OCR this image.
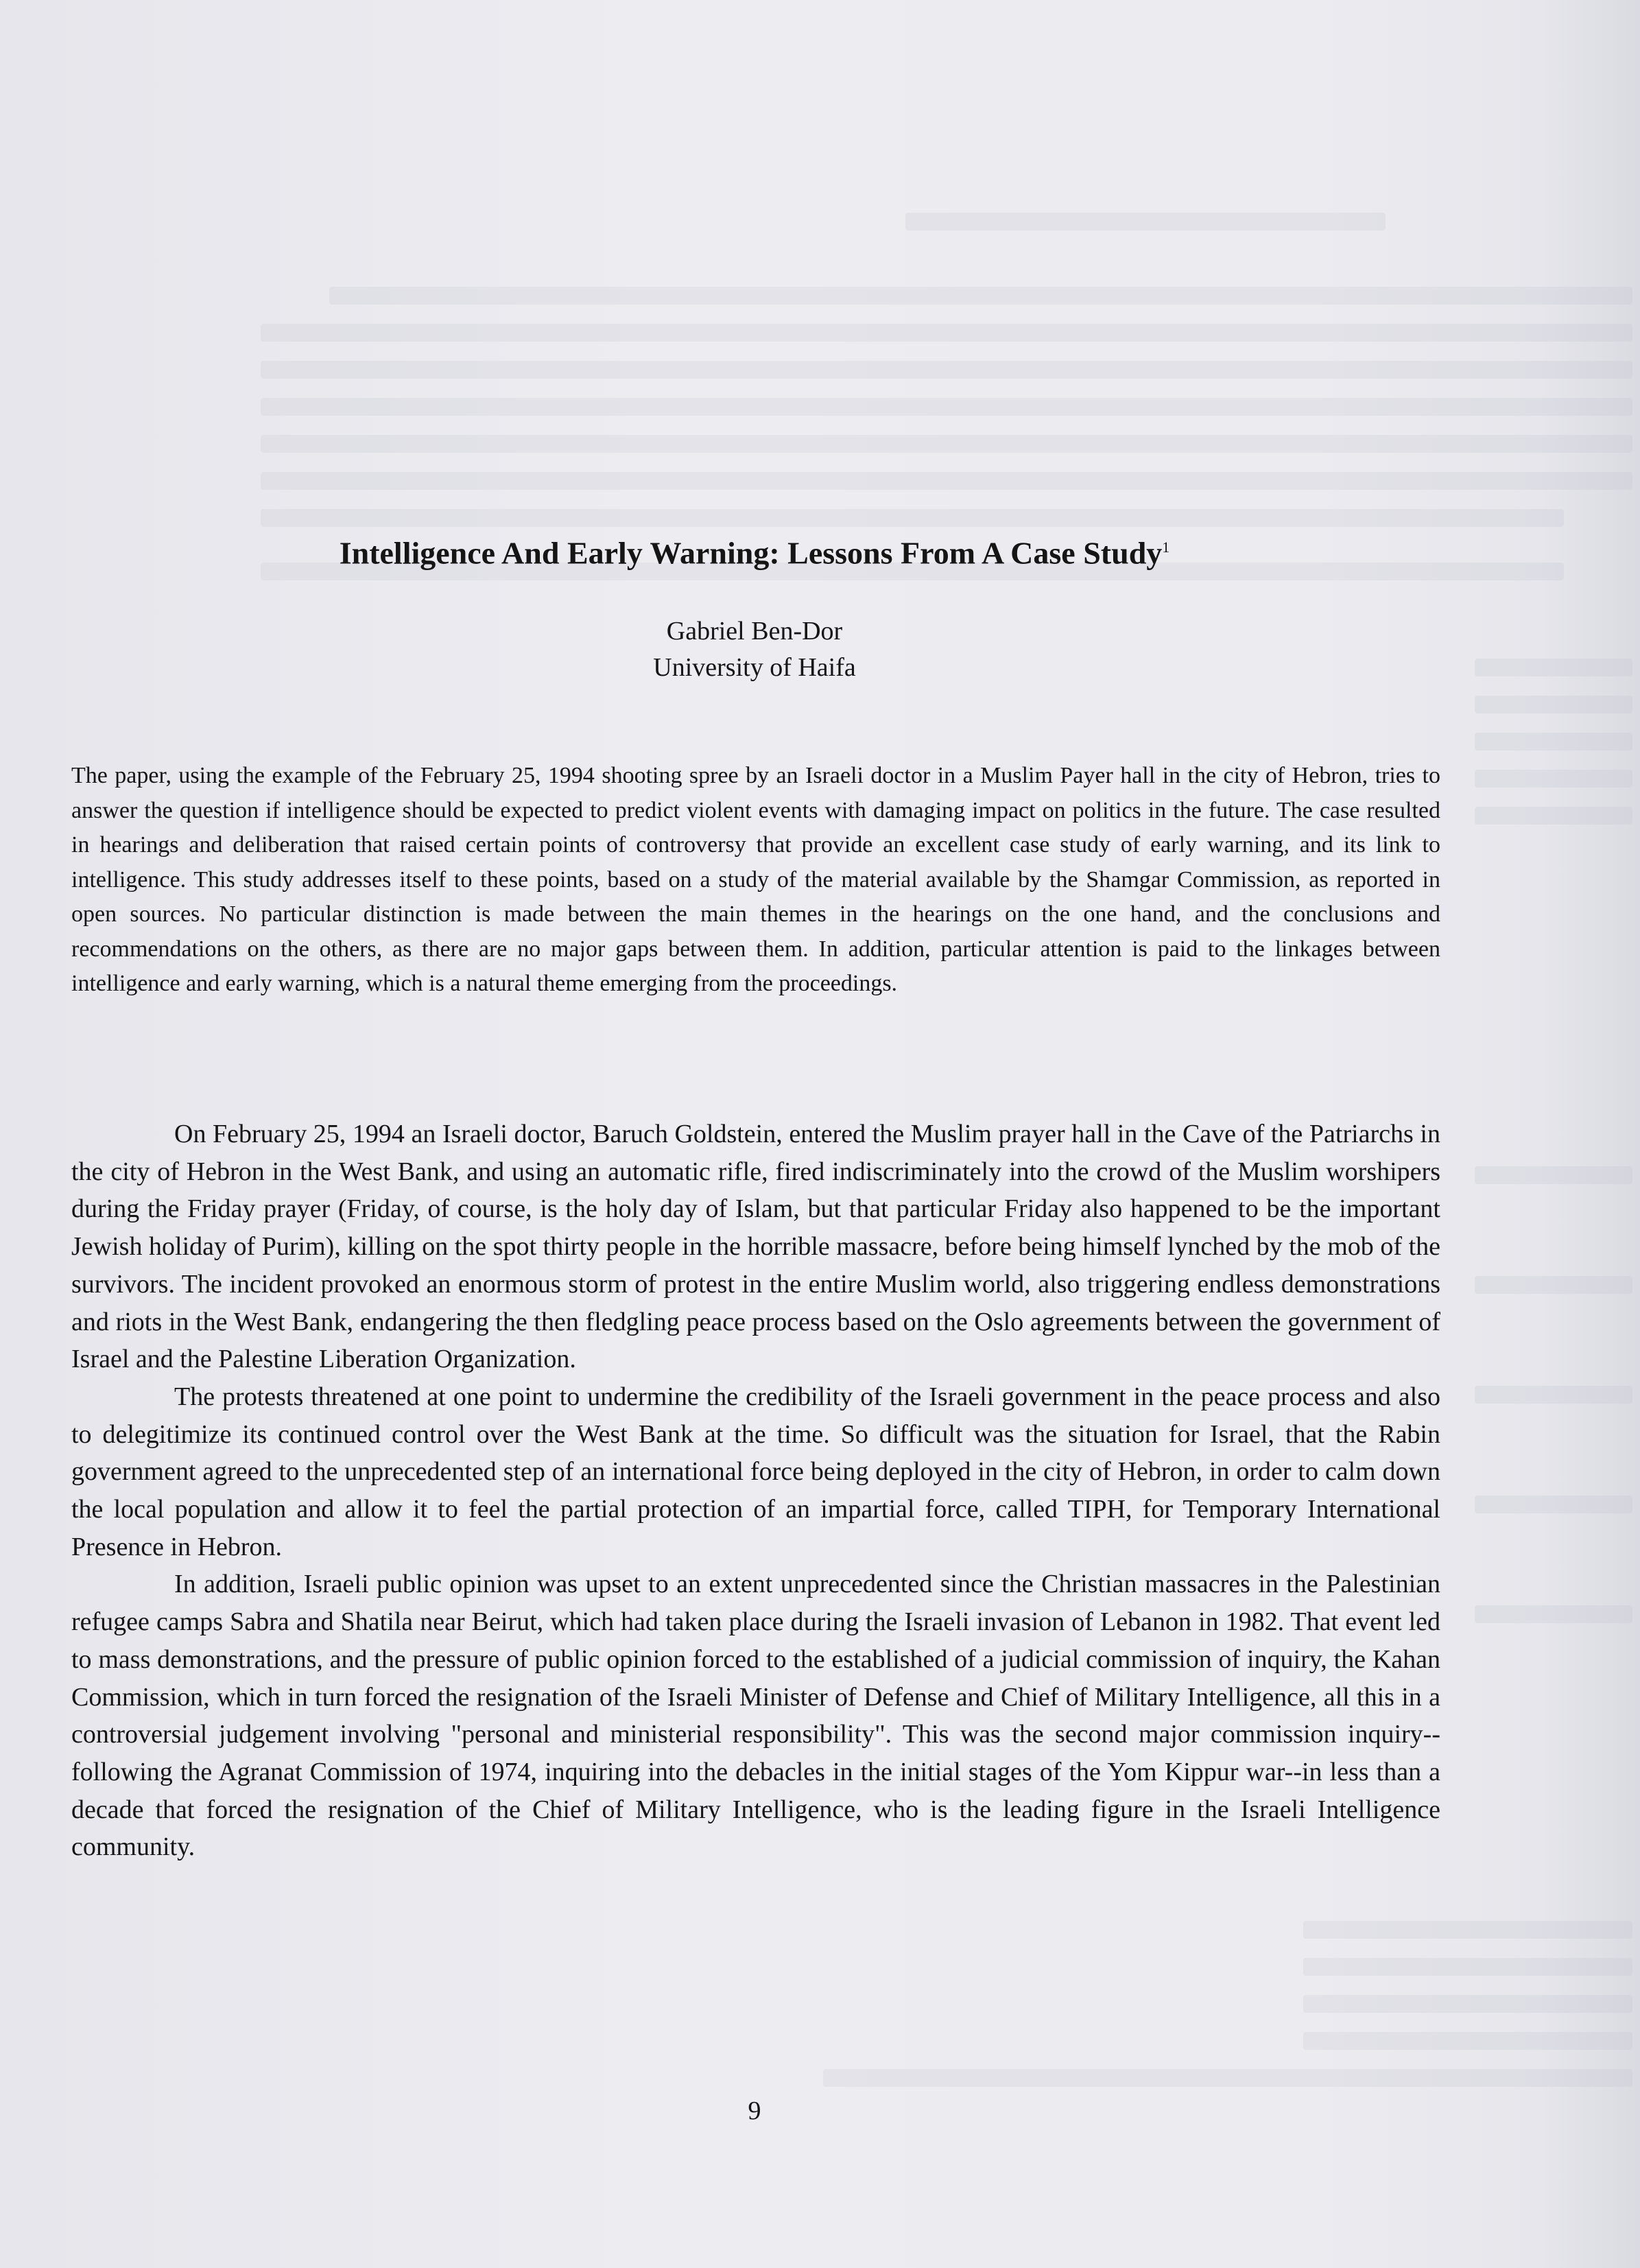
Intelligence And Early Warning: Lessons From A Case Study$^1$

Gabriel Ben-Dor

University of Haifa

The paper, using the example of the February 25, 1994 shooting spree by an Israeli doctor in a Muslim Payer hall in the city of Hebron, tries to answer the question if intelligence should be expected to predict violent events with damaging impact on politics in the future. The case resulted in hearings and deliberation that raised certain points of controversy that provide an excellent case study of early warning, and its link to intelligence. This study addresses itself to these points, based on a study of the material available by the Shamgar Commission, as reported in open sources. No particular distinction is made between the main themes in the hearings on the one hand, and the conclusions and recommendations on the others, as there are no major gaps between them. In addition, particular attention is paid to the linkages between intelligence and early warning, which is a natural theme emerging from the proceedings.

On February 25, 1994 an Israeli doctor, Baruch Goldstein, entered the Muslim prayer hall in the Cave of the Patriarchs in the city of Hebron in the West Bank, and using an automatic rifle, fired indiscriminately into the crowd of the Muslim worshipers during the Friday prayer (Friday, of course, is the holy day of Islam, but that particular Friday also happened to be the important Jewish holiday of Purim), killing on the spot thirty people in the horrible massacre, before being himself lynched by the mob of the survivors. The incident provoked an enormous storm of protest in the entire Muslim world, also triggering endless demonstrations and riots in the West Bank, endangering the then fledgling peace process based on the Oslo agreements between the government of Israel and the Palestine Liberation Organization.

The protests threatened at one point to undermine the credibility of the Israeli government in the peace process and also to delegitimize its continued control over the West Bank at the time. So difficult was the situation for Israel, that the Rabin government agreed to the unprecedented step of an international force being deployed in the city of Hebron, in order to calm down the local population and allow it to feel the partial protection of an impartial force, called TIPH, for Temporary International Presence in Hebron.

In addition, Israeli public opinion was upset to an extent unprecedented since the Christian massacres in the Palestinian refugee camps Sabra and Shatila near Beirut, which had taken place during the Israeli invasion of Lebanon in 1982. That event led to mass demonstrations, and the pressure of public opinion forced to the established of a judicial commission of inquiry, the Kahan Commission, which in turn forced the resignation of the Israeli Minister of Defense and Chief of Military Intelligence, all this in a controversial judgement involving "personal and ministerial responsibility". This was the second major commission inquiry--following the Agranat Commission of 1974, inquiring into the debacles in the initial stages of the Yom Kippur war--in less than a decade that forced the resignation of the Chief of Military Intelligence, who is the leading figure in the Israeli Intelligence community.

9
